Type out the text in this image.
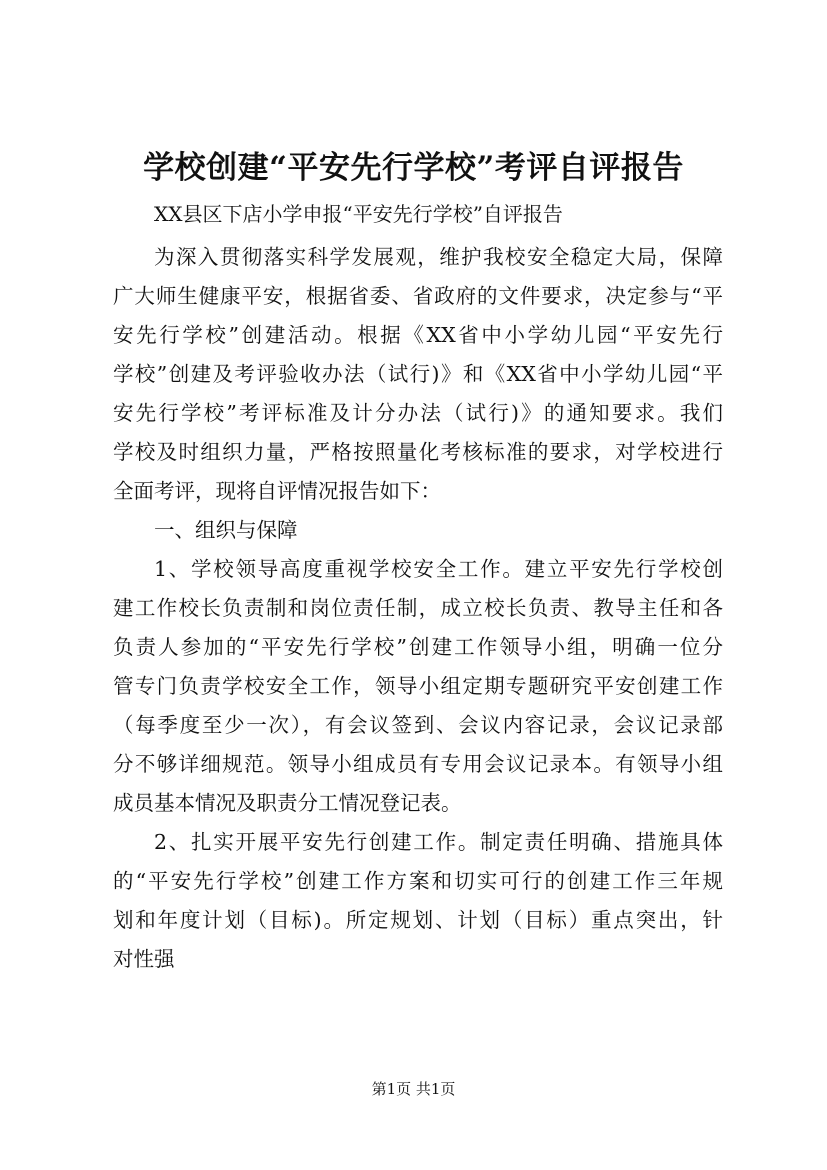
学校创建“平安先行学校”考评自评报告

XX县区下店小学申报“平安先行学校”自评报告

为深入贯彻落实科学发展观，维护我校安全稳定大局，保障

广大师生健康平安，根据省委、省政府的文件要求，决定参与“平

安先行学校”创建活动。根据《XX省中小学幼儿园“平安先行

学校”创建及考评验收办法（试行)》和《XX省中小学幼儿园“平

安先行学校”考评标准及计分办法（试行)》的通知要求。我们

学校及时组织力量，严格按照量化考核标准的要求，对学校进行

全面考评，现将自评情况报告如下：

一、组织与保障

1、学校领导高度重视学校安全工作。建立平安先行学校创

建工作校长负责制和岗位责任制，成立校长负责、教导主任和各

负责人参加的“平安先行学校”创建工作领导小组，明确一位分

管专门负责学校安全工作，领导小组定期专题研究平安创建工作

（每季度至少一次），有会议签到、会议内容记录，会议记录部

分不够详细规范。领导小组成员有专用会议记录本。有领导小组

成员基本情况及职责分工情况登记表。

2、扎实开展平安先行创建工作。制定责任明确、措施具体

的“平安先行学校”创建工作方案和切实可行的创建工作三年规

划和年度计划（目标)。所定规划、计划（目标）重点突出，针

对性强

第1页 共1页
